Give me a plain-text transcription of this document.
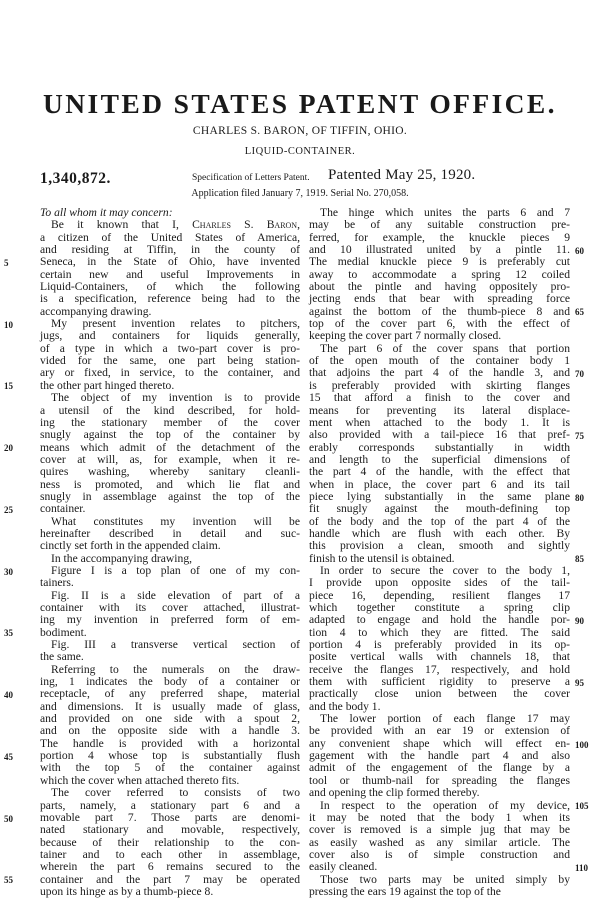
UNITED STATES PATENT OFFICE.
CHARLES S. BARON, OF TIFFIN, OHIO.
LIQUID-CONTAINER.
1,340,872.	Specification of Letters Patent. Patented May 25, 1920.
Application filed January 7, 1919. Serial No. 270,058.
To all whom it may concern:
Be it known that I, Charles S. Baron,
a citizen of the United States of America,
and residing at Tiffin, in the county of
Seneca, in the State of Ohio, have invented
certain new and useful Improvements in
Liquid-Containers, of which the following
is a specification, reference being had to the
accompanying drawing.
My present invention relates to pitchers,
jugs, and containers for liquids generally,
of a type in which a two-part cover is pro-
vided for the same, one part being station-
ary or fixed, in service, to the container, and
the other part hinged thereto.
The object of my invention is to provide
a utensil of the kind described, for hold-
ing the stationary member of the cover
snugly against the top of the container by
means which admit of the detachment of the
cover at will, as, for example, when it re-
quires washing, whereby sanitary cleanli-
ness is promoted, and which lie flat and
snugly in assemblage against the top of the
container.
What constitutes my invention will be
hereinafter described in detail and suc-
cinctly set forth in the appended claim.
In the accompanying drawing,
Figure I is a top plan of one of my con-
tainers.
Fig. II is a side elevation of part of a
container with its cover attached, illustrat-
ing my invention in preferred form of em-
bodiment.
Fig. III a transverse vertical section of
the same.
Referring to the numerals on the draw-
ing, 1 indicates the body of a container or
receptacle, of any preferred shape, material
and dimensions. It is usually made of glass,
and provided on one side with a spout 2,
and on the opposite side with a handle 3.
The handle is provided with a horizontal
portion 4 whose top is substantially flush
with the top 5 of the container against
which the cover when attached thereto fits.
The cover referred to consists of two
parts, namely, a stationary part 6 and a
movable part 7. Those parts are denomi-
nated stationary and movable, respectively,
because of their relationship to the con-
tainer and to each other in assemblage,
wherein the part 6 remains secured to the
container and the part 7 may be operated
upon its hinge as by a thumb-piece 8.
The hinge which unites the parts 6 and 7
may be of any suitable construction pre-
ferred, for example, the knuckle pieces 9
and 10 illustrated united by a pintle 11.
The medial knuckle piece 9 is preferably cut
away to accommodate a spring 12 coiled
about the pintle and having oppositely pro-
jecting ends that bear with spreading force
against the bottom of the thumb-piece 8 and
top of the cover part 6, with the effect of
keeping the cover part 7 normally closed.
The part 6 of the cover spans that portion
of the open mouth of the container body 1
that adjoins the part 4 of the handle 3, and
is preferably provided with skirting flanges
15 that afford a finish to the cover and
means for preventing its lateral displace-
ment when attached to the body 1. It is
also provided with a tail-piece 16 that pref-
erably corresponds substantially in width
and length to the superficial dimensions of
the part 4 of the handle, with the effect that
when in place, the cover part 6 and its tail
piece lying substantially in the same plane
fit snugly against the mouth-defining top
of the body and the top of the part 4 of the
handle which are flush with each other. By
this provision a clean, smooth and sightly
finish to the utensil is obtained.
In order to secure the cover to the body 1,
I provide upon opposite sides of the tail-
piece 16, depending, resilient flanges 17
which together constitute a spring clip
adapted to engage and hold the handle por-
tion 4 to which they are fitted. The said
portion 4 is preferably provided in its op-
posite vertical walls with channels 18, that
receive the flanges 17, respectively, and hold
them with sufficient rigidity to preserve a
practically close union between the cover
and the body 1.
The lower portion of each flange 17 may
be provided with an ear 19 or extension of
any convenient shape which will effect en-
gagement with the handle part 4 and also
admit of the engagement of the flange by a
tool or thumb-nail for spreading the flanges
and opening the clip formed thereby.
In respect to the operation of my device,
it may be noted that the body 1 when its
cover is removed is a simple jug that may be
as easily washed as any similar article. The
cover also is of simple construction and
easily cleaned.
Those two parts may be united simply by
pressing the ears 19 against the top of the
5
10
15
20
25
30
35
40
45
50
55
60
65
70
75
80
85
90
95
100
105
110
